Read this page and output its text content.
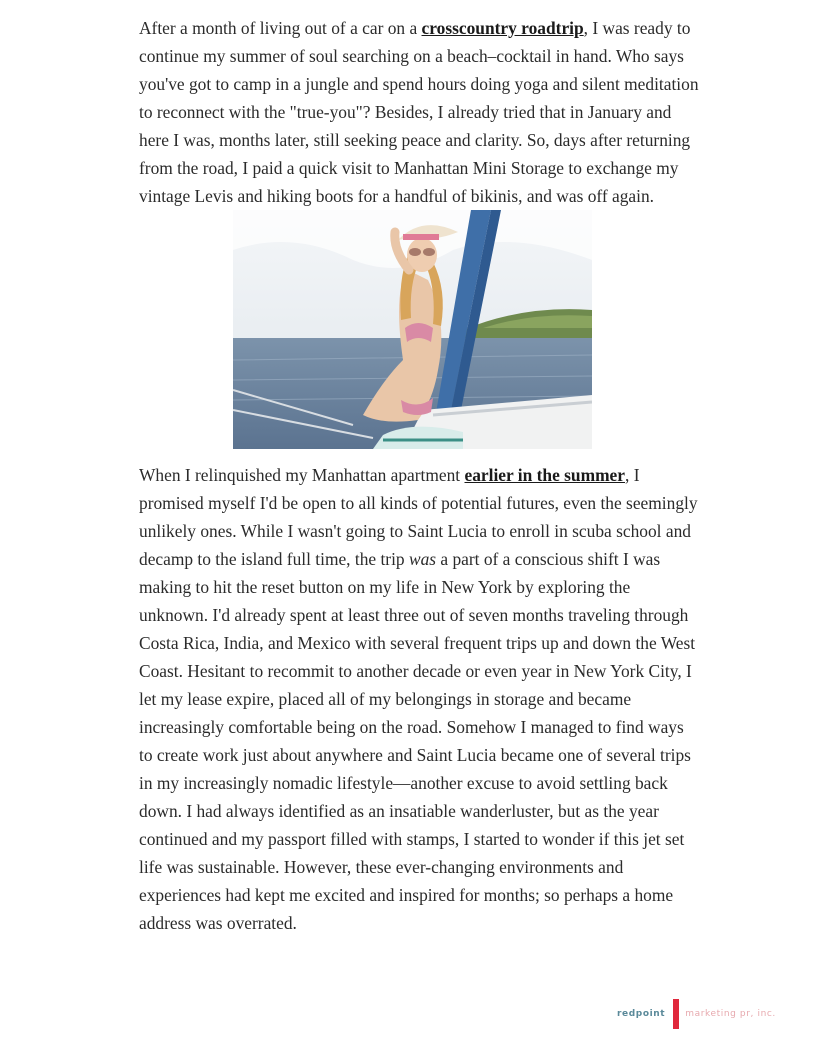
After a month of living out of a car on a crosscountry roadtrip, I was ready to continue my summer of soul searching on a beach–cocktail in hand. Who says you've got to camp in a jungle and spend hours doing yoga and silent meditation to reconnect with the "true-you"? Besides, I already tried that in January and here I was, months later, still seeking peace and clarity. So, days after returning from the road, I paid a quick visit to Manhattan Mini Storage to exchange my vintage Levis and hiking boots for a handful of bikinis, and was off again.

When I relinquished my Manhattan apartment earlier in the summer, I promised myself I'd be open to all kinds of potential futures, even the seemingly unlikely ones. While I wasn't going to Saint Lucia to enroll in scuba school and decamp to the island full time, the trip was a part of a conscious shift I was making to hit the reset button on my life in New York by exploring the unknown. I'd already spent at least three out of seven months traveling through Costa Rica, India, and Mexico with several frequent trips up and down the West Coast. Hesitant to recommit to another decade or even year in New York City, I let my lease expire, placed all of my belongings in storage and became increasingly comfortable being on the road. Somehow I managed to find ways to create work just about anywhere and Saint Lucia became one of several trips in my increasingly nomadic lifestyle—another excuse to avoid settling back down. I had always identified as an insatiable wanderluster, but as the year continued and my passport filled with stamps, I started to wonder if this jet set life was sustainable. However, these ever-changing environments and experiences had kept me excited and inspired for months; so perhaps a home address was overrated.

redpoint marketing pr, inc.
